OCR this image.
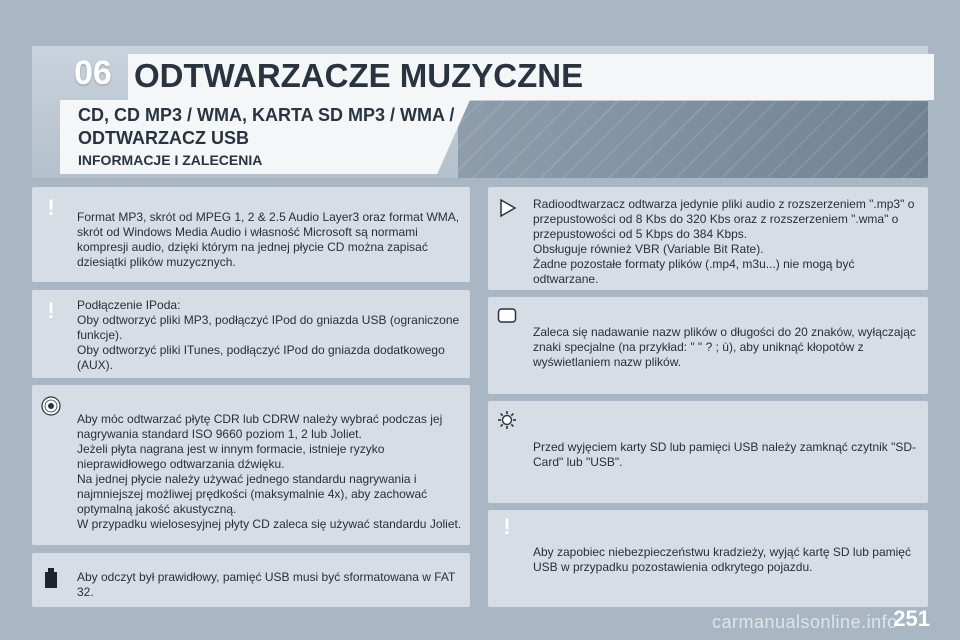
06 ODTWARZACZE MUZYCZNE
CD, CD MP3 / WMA, KARTA SD MP3 / WMA / ODTWARZACZ USB
INFORMACJE I ZALECENIA
!	Format MP3, skrót od MPEG 1, 2 & 2.5 Audio Layer3 oraz format WMA, skrót od Windows Media Audio i własność Microsoft są normami kompresji audio, dzięki którym na jednej płycie CD można zapisać dziesiątki plików muzycznych.
!	Podłączenie IPoda:
Oby odtworzyć pliki MP3, podłączyć IPod do gniazda USB (ograniczone funkcje).
Oby odtworzyć pliki ITunes, podłączyć IPod do gniazda dodatkowego (AUX).
Aby móc odtwarzać płytę CDR lub CDRW należy wybrać podczas jej nagrywania standard ISO 9660 poziom 1, 2 lub Joliet.
Jeżeli płyta nagrana jest w innym formacie, istnieje ryzyko nieprawidłowego odtwarzania dźwięku.
Na jednej płycie należy używać jednego standardu nagrywania i najmniejszej możliwej prędkości (maksymalnie 4x), aby zachować optymalną jakość akustyczną.
W przypadku wielosesyjnej płyty CD zaleca się używać standardu Joliet.
Aby odczyt był prawidłowy, pamięć USB musi być sformatowana w FAT 32.
Radioodtwarzacz odtwarza jedynie pliki audio z rozszerzeniem ".mp3" o przepustowości od 8 Kbs do 320 Kbs oraz z rozszerzeniem ".wma" o przepustowości od 5 Kbps do 384 Kbps.
Obsługuje również VBR (Variable Bit Rate).
Żadne pozostałe formaty plików (.mp4, m3u...) nie mogą być odtwarzane.
Zaleca się nadawanie nazw plików o długości do 20 znaków, wyłączając znaki specjalne (na przykład: " " ? ; ù), aby uniknąć kłopotów z wyświetlaniem nazw plików.
Przed wyjęciem karty SD lub pamięci USB należy zamknąć czytnik "SD-Card" lub "USB".
!
Aby zapobiec niebezpieczeństwu kradzieży, wyjąć kartę SD lub pamięć USB w przypadku pozostawienia odkrytego pojazdu.
251
carmanualsonline.info
